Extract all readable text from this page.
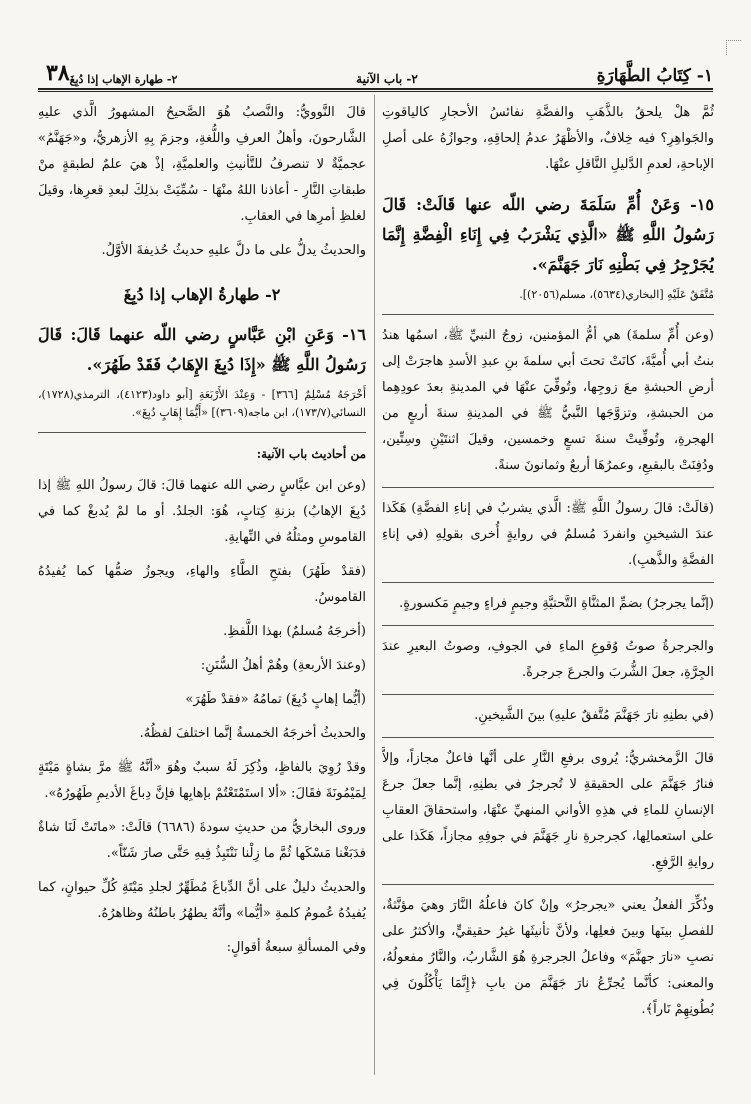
١- كِتَابُ الطَّهَارَةِ
٢- باب الآنية
٢- طهارة الإهاب إذا دُبِغَ
٣٨
ثُمَّ هلْ يلحقُ بالذَّهَبِ والفضَّةِ نفائسُ الأحجارِ كالياقوتِ والجَواهِرِ؟ فيه خِلافٌ، والأظْهَرُ عدمُ إلحاقِهِ، وجوازُهُ على أصلِ الإباحةِ، لعدمِ الدَّليلِ النَّاقلِ عنْهَا.
١٥- وَعَنْ أُمِّ سَلَمَةَ رضي اللّه عنها قَالَتْ: قَالَ رَسُولُ اللَّهِ ﷺ «الَّذِي يَشْرَبُ فِي إِنَاءِ الْفِضَّةِ إِنَّمَا يُجَرْجِرُ فِي بَطْنِهِ نَارَ جَهَنَّمَ».
مُتَّفَقٌ عَلَيْهِ [البخاري(٥٦٣٤)، مسلم(٢٠٥٦)].
(وعن أُمِّ سلمةَ) هي أمُّ المؤمنين، زوجُ النبيِّ ﷺ، اسمُها هندُ بنتُ أبي أُميَّةَ، كانَتْ تحتَ أبي سلمةَ بنِ عبدِ الأسدِ هاجرَتْ إلى أرضِ الحبشةِ معَ زوجِها، وتُوفِّيَ عنْهَا في المدينةِ بعدَ عودِهِما من الحبشةِ، وتزوَّجَها النَّبيُّ ﷺ في المدينةِ سنةَ أربعٍ من الهجرةِ، وتُوفِّيتْ سنةَ تسعٍ وخمسين، وقيلَ اثنتَيْنِ وسِتِّين، ودُفِنَتْ بالبقيعِ، وعمرُهَا أربعٌ وثمانونَ سنةً.
(قالَتْ: قالَ رسولُ اللَّهِ ﷺ: الَّذي يشربُ في إناءِ الفضَّةِ) هَكَذا عندَ الشيخينِ وانفردَ مُسلمٌ في روايةٍ أُخرى بقولِهِ (في إناءِ الفضَّةِ والذَّهبِ).
(إنَّما يجرجرُ) بضمِّ المثنَّاةِ التَّحتيَّةِ وجيمٍ فراءٍ وجيمٍ مَكسورةٍ.
والجرجرةُ صوتُ وُقوعِ الماءِ في الجوفِ، وصوتُ البعيرِ عندَ الجِرَّةِ، جعلَ الشُّربَ والجرعَ جرجرةً.
(في بطنِهِ نارَ جَهَنَّمَ مُتَّفقٌ عليهِ) بينَ الشَّيخينِ.
قالَ الزَّمخشريُّ: يُروى برفعِ النَّارِ على أنَّها فاعلٌ مجازاً، وإلاَّ فنارُ جَهَنَّمَ على الحقيقةِ لا تُجرجرُ في بطنِهِ، إنَّما جعلَ جرعَ الإنسانِ للماءِ في هذِهِ الأواني المنهيِّ عنْهَا، واستحقاقَ العقابِ على استعمالِها، كجرجرةِ نارِ جَهَنَّمَ في جوفِهِ مجازاً، هَكَذا على روايةِ الرَّفعِ.
وذُكِّرَ الفعلُ يعني «يجرجرُ» وإنْ كانَ فاعلُهُ النَّارَ وهيَ مؤنَّثةٌ، للفصلِ بينَها وبينَ فعلِها، ولأنَّ تأنيثَها غيرُ حقيقيٍّ، والأكثرُ على نصبِ «نارَ جهنَّمَ» وفاعلُ الجرجرةِ هُوَ الشَّاربُ، والنَّارُ مفعولُهُ، والمعنى: كأنَّما يُجرِّعُ نارَ جَهَنَّمَ من بابِ ﴿إِنَّمَا يَأْكُلُونَ فِي بُطُونِهِمْ نَاراً﴾.
قالَ النَّوويُّ: والنَّصبُ هُوَ الصَّحيحُ المشهورُ الَّذي عليهِ الشَّارحونَ، وأهلُ العرفِ واللُّغةِ، وجزمَ بِهِ الأزهريُّ، و«جَهَنَّمُ» عجميَّةٌ لا تنصرفُ للتَّأنيثِ والعلميَّةِ، إذْ هيَ علمٌ لطبقةٍ منْ طبقاتِ النَّارِ - أعاذنا اللهُ منْهَا - سُمِّيَتْ بذلِكَ لبعدِ قعرِها، وقيلَ لغلظِ أمرِها في العقابِ.
والحديثُ يدلُّ على ما دلَّ عليهِ حديثُ حُذيفةَ الأوَّلُ.
٢- طهارةُ الإهاب إذا دُبِغَ
١٦- وَعَنِ ابْنِ عَبَّاسٍ رضي اللّه عنهما قَالَ: قَالَ رَسُولُ اللَّهِ ﷺ «إِذَا دُبِغَ الإِهَابُ فَقَدْ طَهُرَ».
أَخْرَجَهُ مُسْلِمٌ [٣٦٦] - وَعِنْدَ الأَرْبَعَةِ [أبو داود(٤١٢٣)، الترمذي(١٧٢٨)، النسائي(١٧٣/٧)، ابن ماجه(٣٦٠٩)] «أَيُّمَا إِهَابٍ دُبِغَ».
من أحاديث باب الآنية:
(وعن ابن عبَّاسٍ رضي الله عنهما قالَ: قالَ رسولُ اللهِ ﷺ إذا دُبِغَ الإهابُ) بزنةِ كِتابٍ، هُوَ: الجلدُ. أو ما لمْ يُدبغْ كما في القاموسِ ومثلُهُ في النِّهايةِ.
(فقدْ طَهُرَ) بفتحِ الطَّاءِ والهاءِ، ويجوزُ ضمُّها كما يُفيدُهُ القاموسُ.
(أخرجَهُ مُسلمٌ) بهذا اللَّفظِ.
(وعندَ الأربعةِ) وهُمْ أهلُ السُّنَنِ:
(أيُّما إهابٍ دُبِغَ) تمامُهُ «فقدْ طَهُرَ»
والحديثُ أخرجَهُ الخمسةُ إنَّما اختلفَ لفظُهُ.
وقدْ رُوِيَ بالفاظٍ، وذُكِرَ لَهُ سببٌ وهُوَ «أنَّهُ ﷺ مرَّ بشاةٍ مَيْتَةٍ لِمَيْمُونَةَ فقَالَ: «ألا استَمْتَعْتُمْ بإهابِها فإنَّ دِباغَ الأديمِ طَهُورُهُ».
وروى البخاريُّ من حديثِ سودةَ (٦٦٨٦) قالَتْ: «ماتَتْ لَنَا شاةٌ فدَبَغْنا مَسْكَها ثُمَّ ما زِلْنا نَنْتَبِذُ فِيهِ حَتَّى صارَ شَنّاً».
والحديثُ دليلٌ على أنَّ الدِّباغَ مُطَهِّرٌ لجلدِ مَيْتَةِ كُلِّ حيوانٍ، كما يُفيدُهُ عُمومُ كلمةِ «أيُّما» وأنَّهُ يطهُرُ باطنُهُ وظاهرُهُ.
وفي المسألةِ سبعةُ أقوالٍ:
